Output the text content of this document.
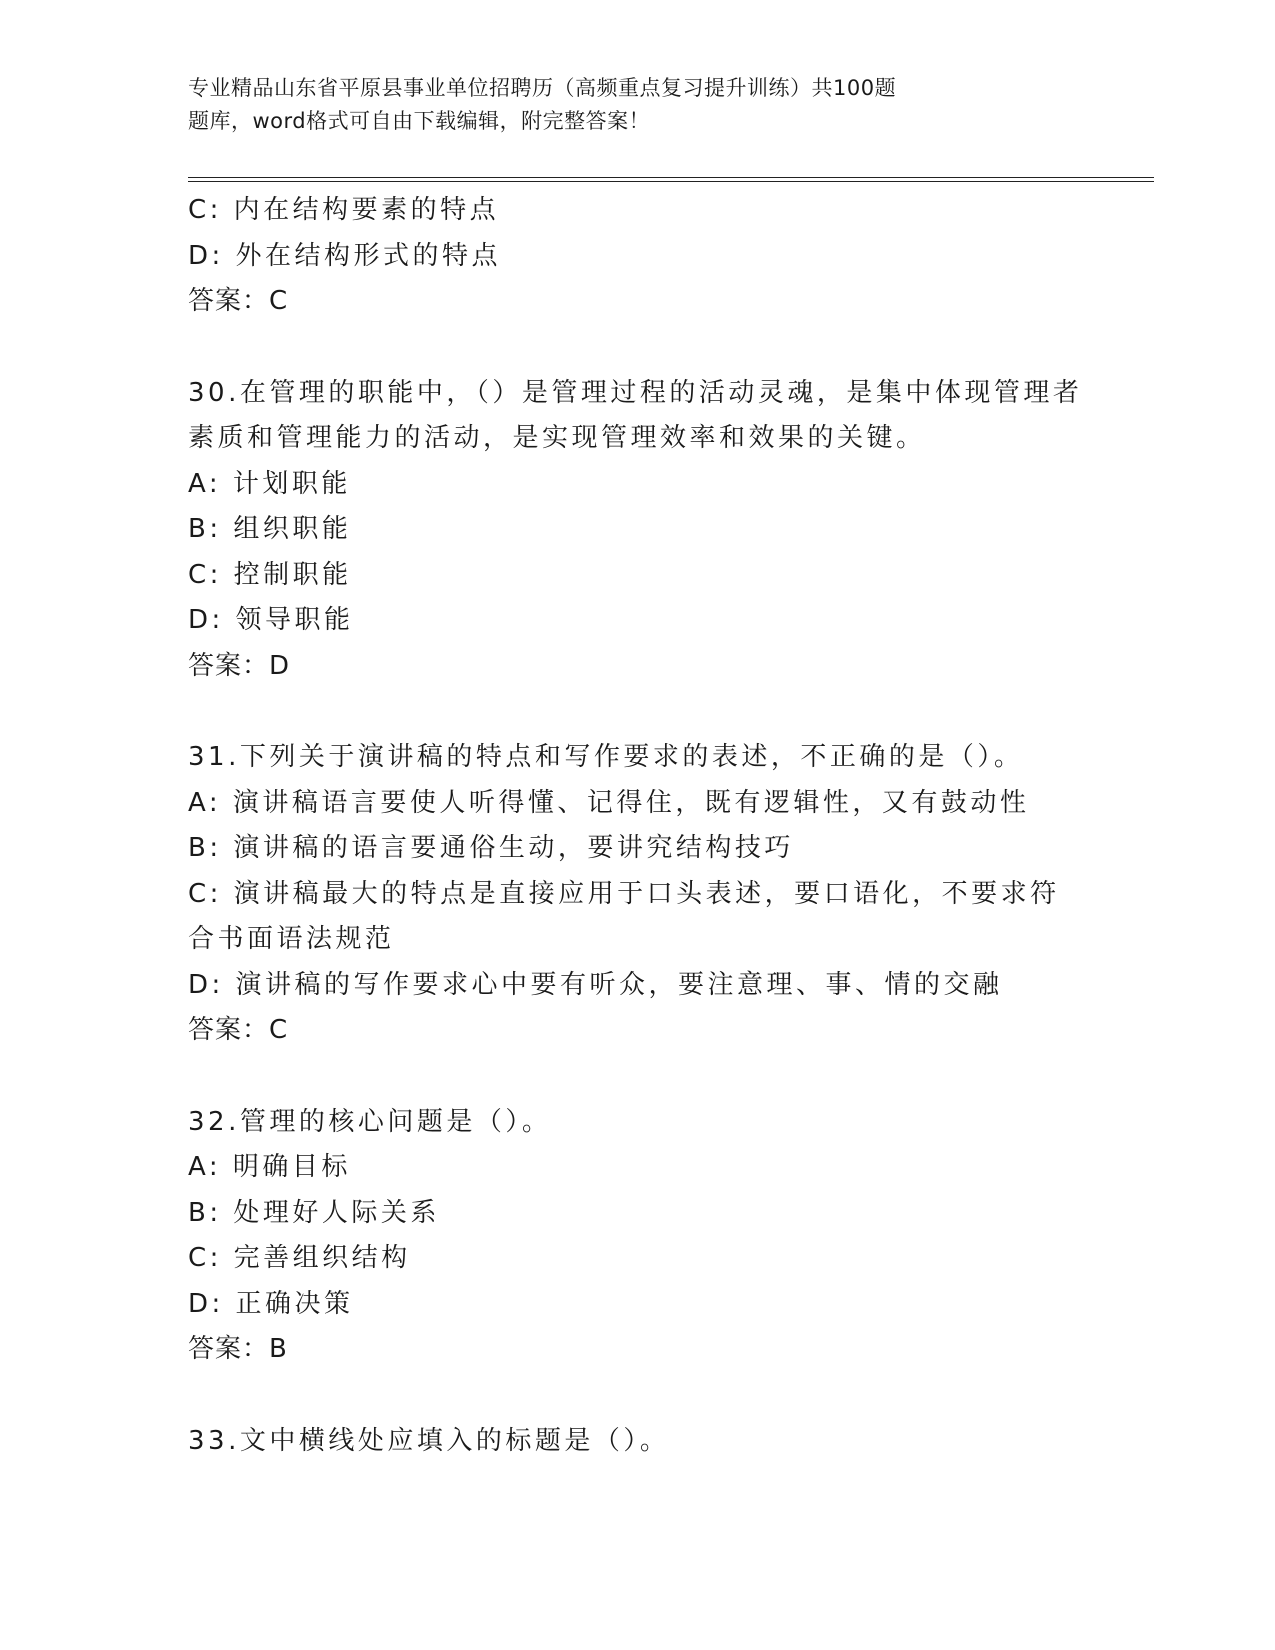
专业精品山东省平原县事业单位招聘历（高频重点复习提升训练）共100题
题库，word格式可自由下载编辑，附完整答案！
C: 内在结构要素的特点
D: 外在结构形式的特点
答案：C
30.在管理的职能中，（）是管理过程的活动灵魂，是集中体现管理者素质和管理能力的活动，是实现管理效率和效果的关键。
A: 计划职能
B: 组织职能
C: 控制职能
D: 领导职能
答案：D
31.下列关于演讲稿的特点和写作要求的表述，不正确的是（）。
A: 演讲稿语言要使人听得懂、记得住，既有逻辑性，又有鼓动性
B: 演讲稿的语言要通俗生动，要讲究结构技巧
C: 演讲稿最大的特点是直接应用于口头表述，要口语化，不要求符合书面语法规范
D: 演讲稿的写作要求心中要有听众，要注意理、事、情的交融
答案：C
32.管理的核心问题是（）。
A: 明确目标
B: 处理好人际关系
C: 完善组织结构
D: 正确决策
答案：B
33.文中横线处应填入的标题是（）。
